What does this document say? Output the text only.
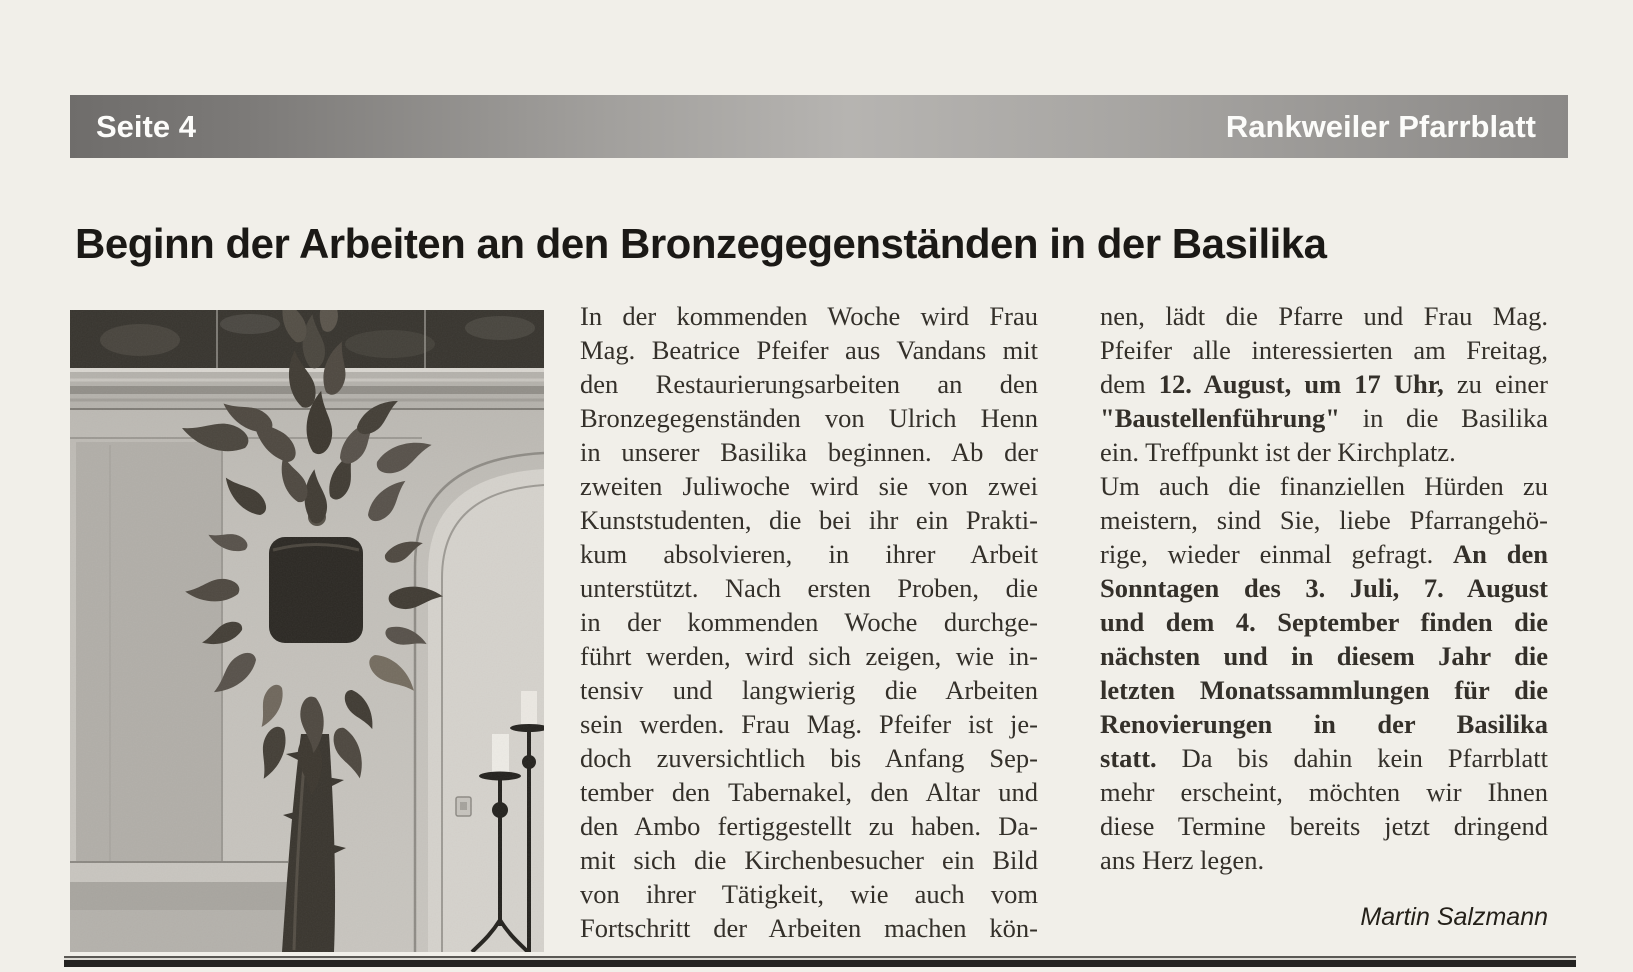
Seite 4	Rankweiler Pfarrblatt
Beginn der Arbeiten an den Bronzegegenständen in der Basilika
In der kommenden Woche wird Frau
Mag. Beatrice Pfeifer aus Vandans mit
den Restaurierungsarbeiten an den
Bronzegegenständen von Ulrich Henn
in unserer Basilika beginnen. Ab der
zweiten Juliwoche wird sie von zwei
Kunststudenten, die bei ihr ein Prakti-
kum absolvieren, in ihrer Arbeit
unterstützt. Nach ersten Proben, die
in der kommenden Woche durchge-
führt werden, wird sich zeigen, wie in-
tensiv und langwierig die Arbeiten
sein werden. Frau Mag. Pfeifer ist je-
doch zuversichtlich bis Anfang Sep-
tember den Tabernakel, den Altar und
den Ambo fertiggestellt zu haben. Da-
mit sich die Kirchenbesucher ein Bild
von ihrer Tätigkeit, wie auch vom
Fortschritt der Arbeiten machen kön-
nen, lädt die Pfarre und Frau Mag.
Pfeifer alle interessierten am Freitag,
dem 12. August, um 17 Uhr, zu einer
"Baustellenführung" in die Basilika
ein. Treffpunkt ist der Kirchplatz.
Um auch die finanziellen Hürden zu
meistern, sind Sie, liebe Pfarrangehö-
rige, wieder einmal gefragt. An den
Sonntagen des 3. Juli, 7. August
und dem 4. September finden die
nächsten und in diesem Jahr die
letzten Monatssammlungen für die
Renovierungen in der Basilika
statt. Da bis dahin kein Pfarrblatt
mehr erscheint, möchten wir Ihnen
diese Termine bereits jetzt dringend
ans Herz legen.
Martin Salzmann
